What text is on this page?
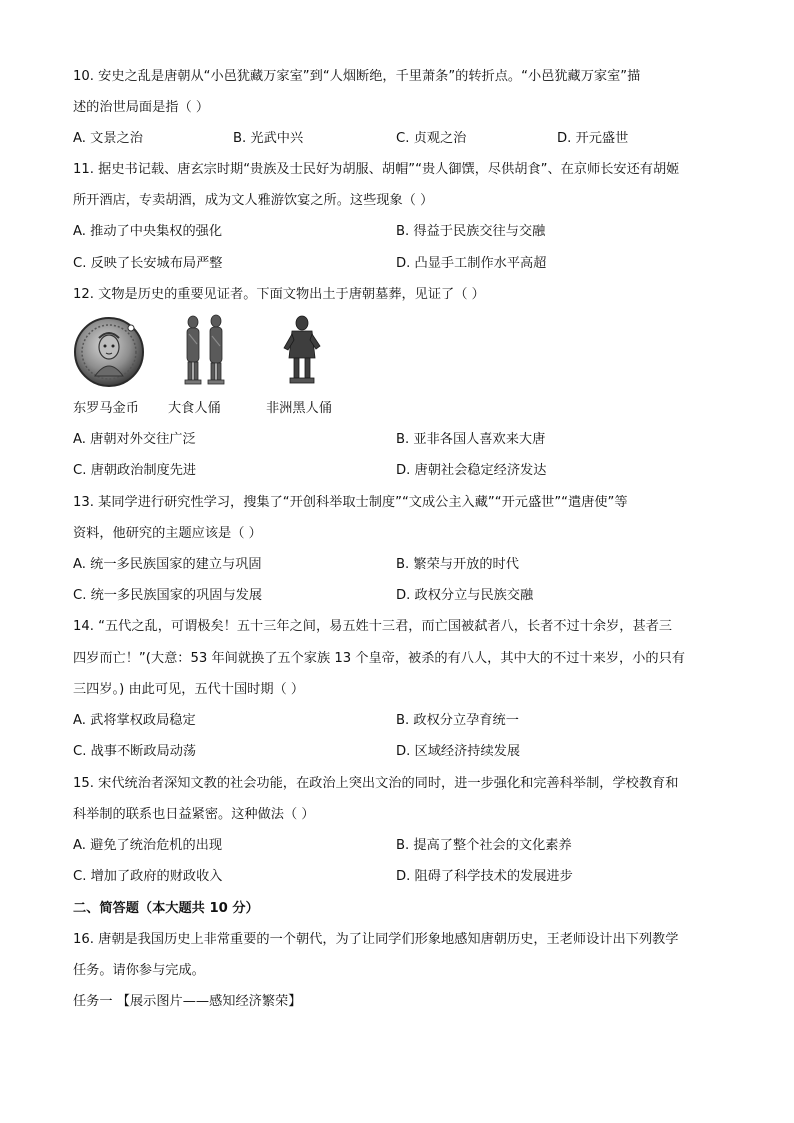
10. 安史之乱是唐朝从“小邑犹藏万家室”到“人烟断绝，千里萧条”的转折点。“小邑犹藏万家室”描
述的治世局面是指（ ）
A. 文景之治	B. 光武中兴	C. 贞观之治	D. 开元盛世
11. 据史书记载、唐玄宗时期“贵族及士民好为胡服、胡帽”“贵人御馔，尽供胡食”、在京师长安还有胡姬
所开酒店，专卖胡酒，成为文人雅游饮宴之所。这些现象（ ）
A. 推动了中央集权的强化	B. 得益于民族交往与交融
C. 反映了长安城布局严整	D. 凸显手工制作水平高超
12. 文物是历史的重要见证者。下面文物出土于唐朝墓葬，见证了（ ）
东罗马金币 大食人俑	非洲黑人俑
A. 唐朝对外交往广泛	B. 亚非各国人喜欢来大唐
C. 唐朝政治制度先进	D. 唐朝社会稳定经济发达
13. 某同学进行研究性学习，搜集了“开创科举取士制度”“文成公主入藏”“开元盛世”“遣唐使”等
资料，他研究的主题应该是（ ）
A. 统一多民族国家的建立与巩固	B. 繁荣与开放的时代
C. 统一多民族国家的巩固与发展	D. 政权分立与民族交融
14. “五代之乱，可谓极矣！五十三年之间，易五姓十三君，而亡国被弑者八，长者不过十余岁，甚者三
四岁而亡！”(大意：53 年间就换了五个家族 13 个皇帝，被杀的有八人，其中大的不过十来岁，小的只有
三四岁。) 由此可见，五代十国时期（ ）
A. 武将掌权政局稳定	B. 政权分立孕育统一
C. 战事不断政局动荡	D. 区域经济持续发展
15. 宋代统治者深知文教的社会功能，在政治上突出文治的同时，进一步强化和完善科举制，学校教育和
科举制的联系也日益紧密。这种做法（ ）
A. 避免了统治危机的出现	B. 提高了整个社会的文化素养
C. 增加了政府的财政收入	D. 阻碍了科学技术的发展进步
二、简答题（本大题共 10 分）
16. 唐朝是我国历史上非常重要的一个朝代，为了让同学们形象地感知唐朝历史，王老师设计出下列教学
任务。请你参与完成。
任务一 【展示图片——感知经济繁荣】
